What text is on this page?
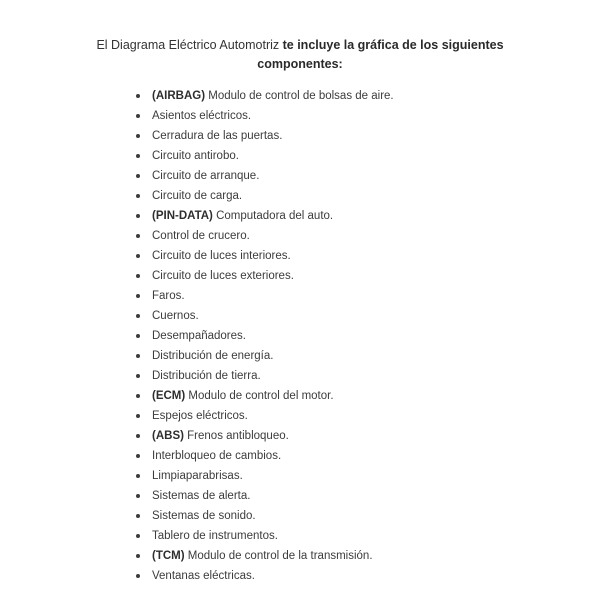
El Diagrama Eléctrico Automotriz te incluye la gráfica de los siguientes componentes:
(AIRBAG) Modulo de control de bolsas de aire.
Asientos eléctricos.
Cerradura de las puertas.
Circuito antirobo.
Circuito de arranque.
Circuito de carga.
(PIN-DATA) Computadora del auto.
Control de crucero.
Circuito de luces interiores.
Circuito de luces exteriores.
Faros.
Cuernos.
Desempañadores.
Distribución de energía.
Distribución de tierra.
(ECM) Modulo de control del motor.
Espejos eléctricos.
(ABS) Frenos antibloqueo.
Interbloqueo de cambios.
Limpiaparabrisas.
Sistemas de alerta.
Sistemas de sonido.
Tablero de instrumentos.
(TCM) Modulo de control de la transmisión.
Ventanas eléctricas.
